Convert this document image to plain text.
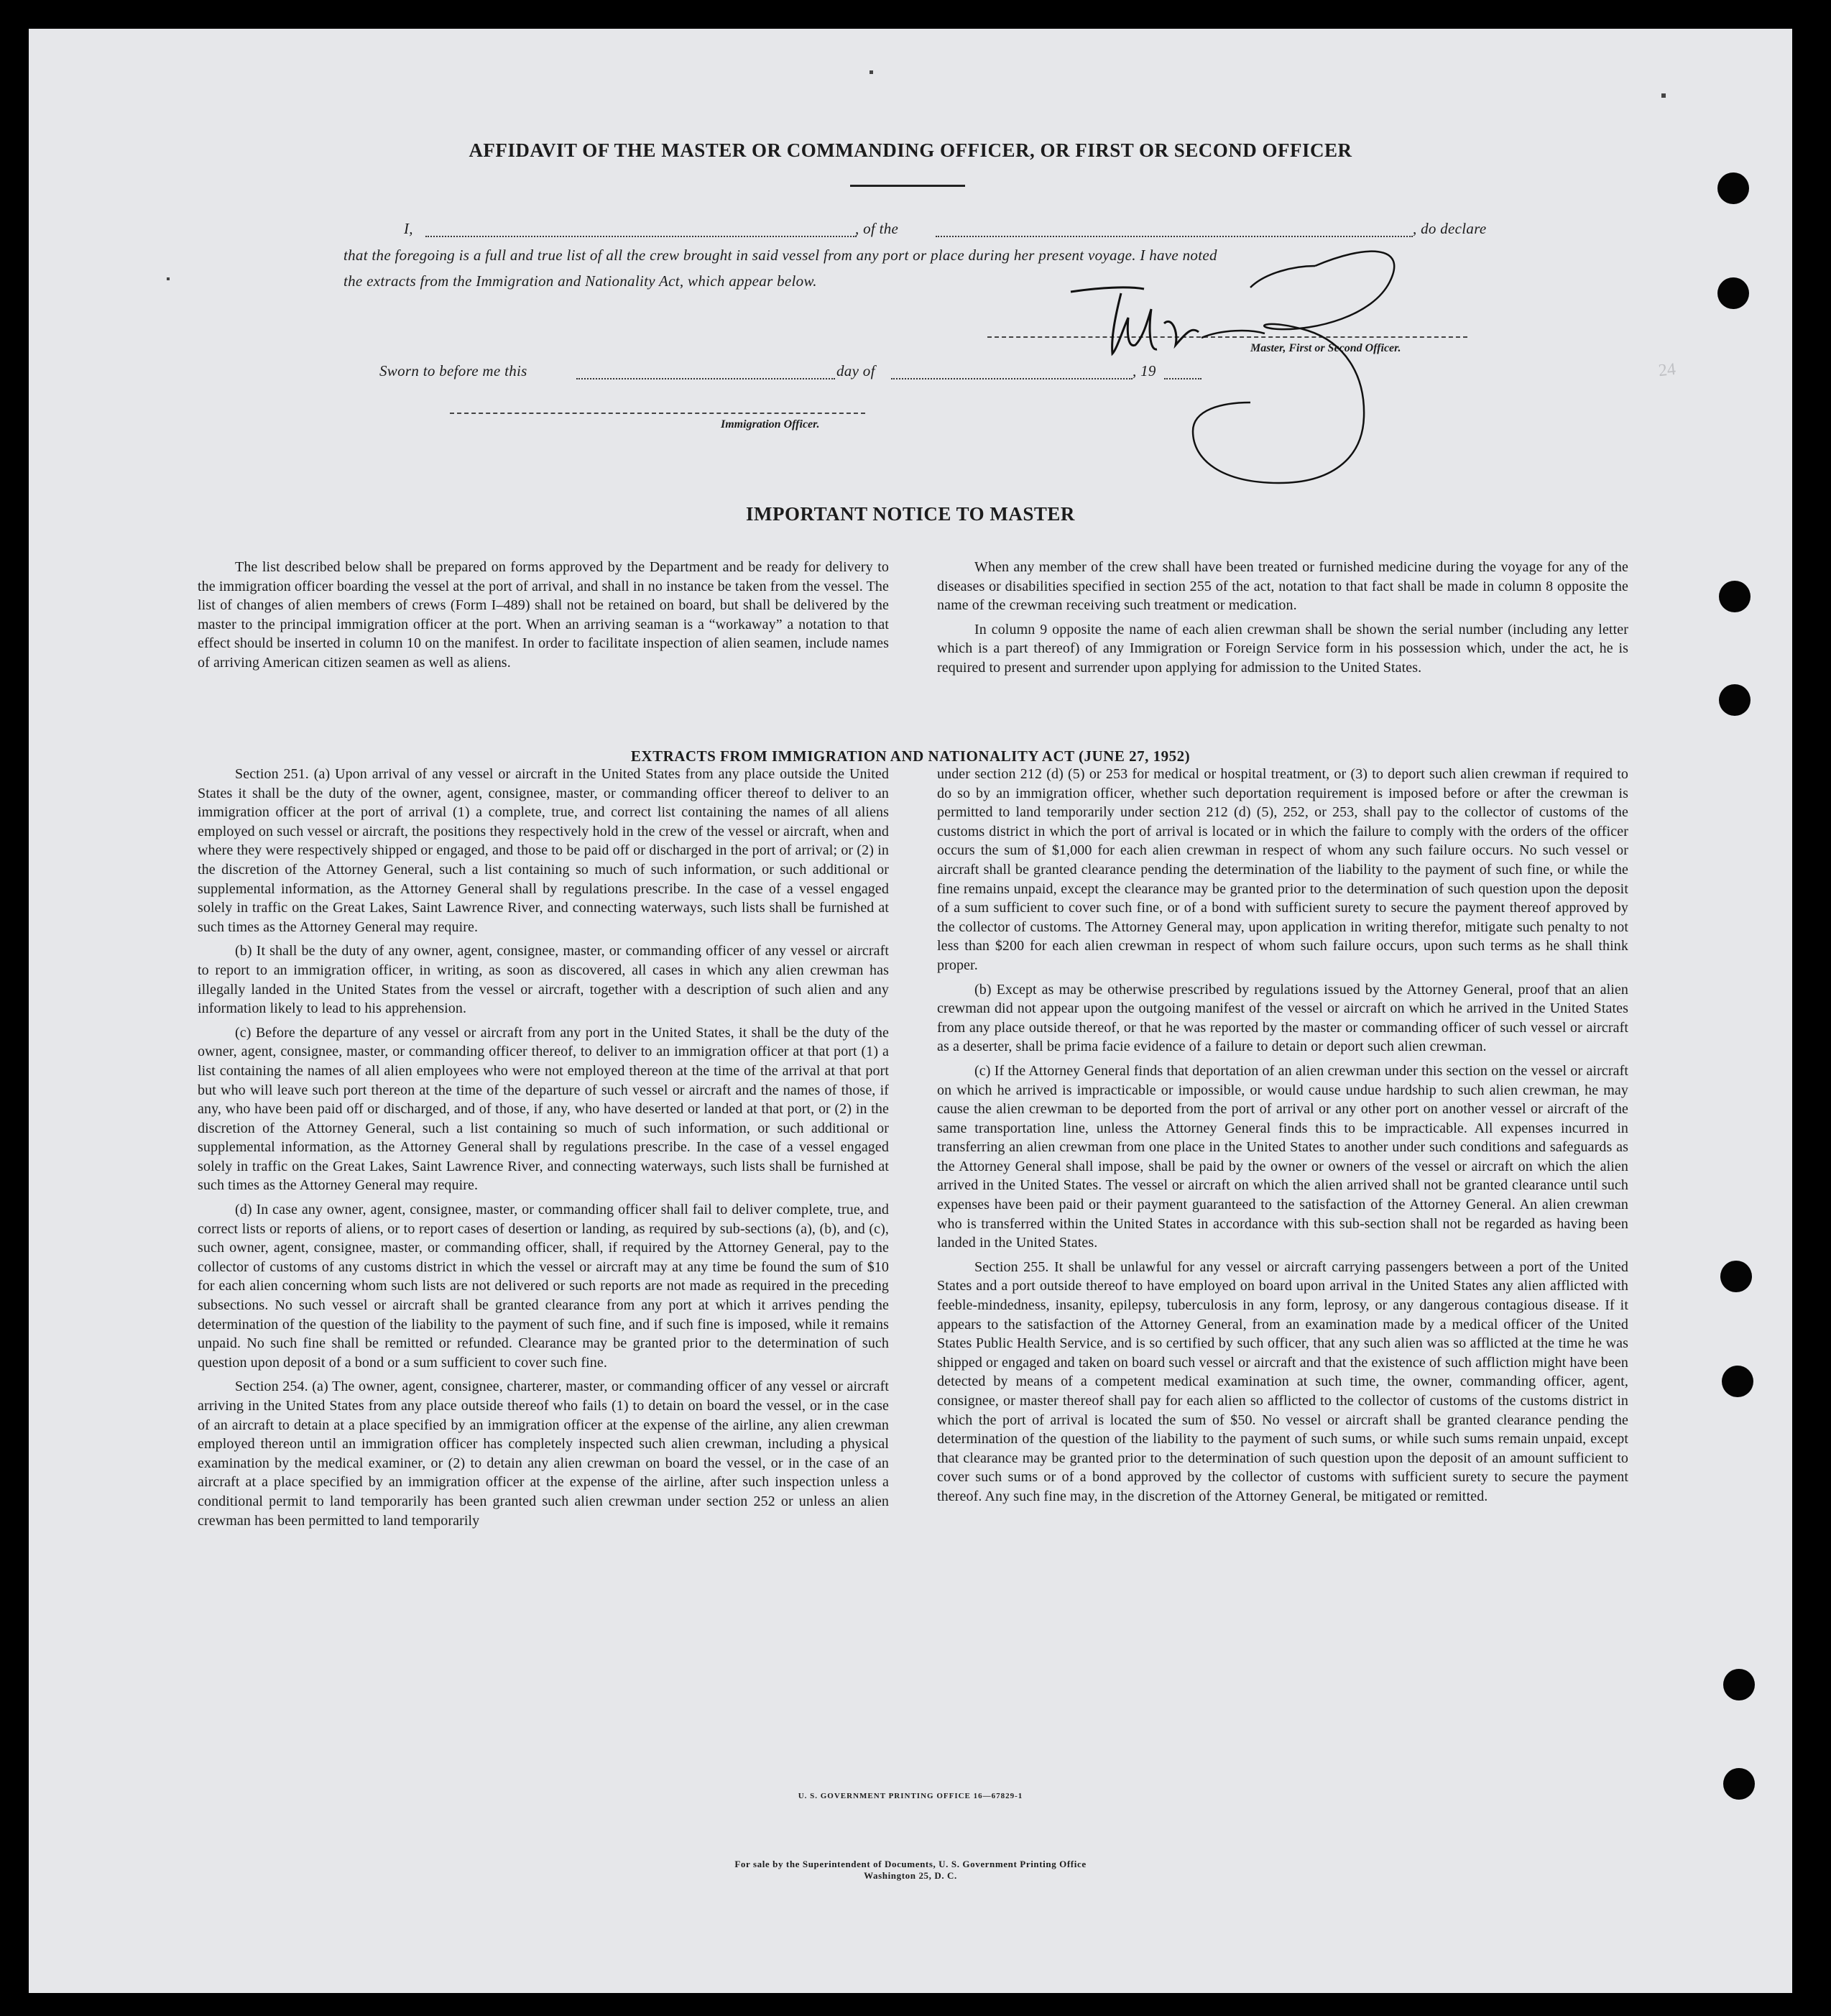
AFFIDAVIT OF THE MASTER OR COMMANDING OFFICER, OR FIRST OR SECOND OFFICER
I,	, of the	, do declare
that the foregoing is a full and true list of all the crew brought in said vessel from any port or place during her present voyage. I have noted
the extracts from the Immigration and Nationality Act, which appear below.
Master, First or Second Officer.
Sworn to before me this	day of	, 19
Immigration Officer.
24
IMPORTANT NOTICE TO MASTER

The list described below shall be prepared on forms approved by the Department and be ready for delivery to the immigration officer boarding the vessel at the port of arrival, and shall in no instance be taken from the vessel. The list of changes of alien members of crews (Form I–489) shall not be retained on board, but shall be delivered by the master to the principal immigration officer at the port. When an arriving seaman is a “workaway” a notation to that effect should be inserted in column 10 on the manifest. In order to facilitate inspection of alien seamen, include names of arriving American citizen seamen as well as aliens.

When any member of the crew shall have been treated or furnished medicine during the voyage for any of the diseases or disabilities specified in section 255 of the act, notation to that fact shall be made in column 8 opposite the name of the crewman receiving such treatment or medication.

In column 9 opposite the name of each alien crewman shall be shown the serial number (including any letter which is a part thereof) of any Immigration or Foreign Service form in his possession which, under the act, he is required to present and surrender upon applying for admission to the United States.

EXTRACTS FROM IMMIGRATION AND NATIONALITY ACT (JUNE 27, 1952)

Section 251. (a) Upon arrival of any vessel or aircraft in the United States from any place outside the United States it shall be the duty of the owner, agent, consignee, master, or commanding officer thereof to deliver to an immigration officer at the port of arrival (1) a complete, true, and correct list containing the names of all aliens employed on such vessel or aircraft, the positions they respectively hold in the crew of the vessel or aircraft, when and where they were respectively shipped or engaged, and those to be paid off or discharged in the port of arrival; or (2) in the discretion of the Attorney General, such a list containing so much of such information, or such additional or supplemental information, as the Attorney General shall by regulations prescribe. In the case of a vessel engaged solely in traffic on the Great Lakes, Saint Lawrence River, and connecting waterways, such lists shall be furnished at such times as the Attorney General may require.

(b) It shall be the duty of any owner, agent, consignee, master, or commanding officer of any vessel or aircraft to report to an immigration officer, in writing, as soon as discovered, all cases in which any alien crewman has illegally landed in the United States from the vessel or aircraft, together with a description of such alien and any information likely to lead to his apprehension.

(c) Before the departure of any vessel or aircraft from any port in the United States, it shall be the duty of the owner, agent, consignee, master, or commanding officer thereof, to deliver to an immigration officer at that port (1) a list containing the names of all alien employees who were not employed thereon at the time of the arrival at that port but who will leave such port thereon at the time of the departure of such vessel or aircraft and the names of those, if any, who have been paid off or discharged, and of those, if any, who have deserted or landed at that port, or (2) in the discretion of the Attorney General, such a list containing so much of such information, or such additional or supplemental information, as the Attorney General shall by regulations prescribe. In the case of a vessel engaged solely in traffic on the Great Lakes, Saint Lawrence River, and connecting waterways, such lists shall be furnished at such times as the Attorney General may require.

(d) In case any owner, agent, consignee, master, or commanding officer shall fail to deliver complete, true, and correct lists or reports of aliens, or to report cases of desertion or landing, as required by sub-sections (a), (b), and (c), such owner, agent, consignee, master, or commanding officer, shall, if required by the Attorney General, pay to the collector of customs of any customs district in which the vessel or aircraft may at any time be found the sum of $10 for each alien concerning whom such lists are not delivered or such reports are not made as required in the preceding subsections. No such vessel or aircraft shall be granted clearance from any port at which it arrives pending the determination of the question of the liability to the payment of such fine, and if such fine is imposed, while it remains unpaid. No such fine shall be remitted or refunded. Clearance may be granted prior to the determination of such question upon deposit of a bond or a sum sufficient to cover such fine.

Section 254. (a) The owner, agent, consignee, charterer, master, or commanding officer of any vessel or aircraft arriving in the United States from any place outside thereof who fails (1) to detain on board the vessel, or in the case of an aircraft to detain at a place specified by an immigration officer at the expense of the airline, any alien crewman employed thereon until an immigration officer has completely inspected such alien crewman, including a physical examination by the medical examiner, or (2) to detain any alien crewman on board the vessel, or in the case of an aircraft at a place specified by an immigration officer at the expense of the airline, after such inspection unless a conditional permit to land temporarily has been granted such alien crewman under section 252 or unless an alien crewman has been permitted to land temporarily

under section 212 (d) (5) or 253 for medical or hospital treatment, or (3) to deport such alien crewman if required to do so by an immigration officer, whether such deportation requirement is imposed before or after the crewman is permitted to land temporarily under section 212 (d) (5), 252, or 253, shall pay to the collector of customs of the customs district in which the port of arrival is located or in which the failure to comply with the orders of the officer occurs the sum of $1,000 for each alien crewman in respect of whom any such failure occurs. No such vessel or aircraft shall be granted clearance pending the determination of the liability to the payment of such fine, or while the fine remains unpaid, except the clearance may be granted prior to the determination of such question upon the deposit of a sum sufficient to cover such fine, or of a bond with sufficient surety to secure the payment thereof approved by the collector of customs. The Attorney General may, upon application in writing therefor, mitigate such penalty to not less than $200 for each alien crewman in respect of whom such failure occurs, upon such terms as he shall think proper.

(b) Except as may be otherwise prescribed by regulations issued by the Attorney General, proof that an alien crewman did not appear upon the outgoing manifest of the vessel or aircraft on which he arrived in the United States from any place outside thereof, or that he was reported by the master or commanding officer of such vessel or aircraft as a deserter, shall be prima facie evidence of a failure to detain or deport such alien crewman.

(c) If the Attorney General finds that deportation of an alien crewman under this section on the vessel or aircraft on which he arrived is impracticable or impossible, or would cause undue hardship to such alien crewman, he may cause the alien crewman to be deported from the port of arrival or any other port on another vessel or aircraft of the same transportation line, unless the Attorney General finds this to be impracticable. All expenses incurred in transferring an alien crewman from one place in the United States to another under such conditions and safeguards as the Attorney General shall impose, shall be paid by the owner or owners of the vessel or aircraft on which the alien arrived in the United States. The vessel or aircraft on which the alien arrived shall not be granted clearance until such expenses have been paid or their payment guaranteed to the satisfaction of the Attorney General. An alien crewman who is transferred within the United States in accordance with this sub-section shall not be regarded as having been landed in the United States.

Section 255. It shall be unlawful for any vessel or aircraft carrying passengers between a port of the United States and a port outside thereof to have employed on board upon arrival in the United States any alien afflicted with feeble-mindedness, insanity, epilepsy, tuberculosis in any form, leprosy, or any dangerous contagious disease. If it appears to the satisfaction of the Attorney General, from an examination made by a medical officer of the United States Public Health Service, and is so certified by such officer, that any such alien was so afflicted at the time he was shipped or engaged and taken on board such vessel or aircraft and that the existence of such affliction might have been detected by means of a competent medical examination at such time, the owner, commanding officer, agent, consignee, or master thereof shall pay for each alien so afflicted to the collector of customs of the customs district in which the port of arrival is located the sum of $50. No vessel or aircraft shall be granted clearance pending the determination of the question of the liability to the payment of such sums, or while such sums remain unpaid, except that clearance may be granted prior to the determination of such question upon the deposit of an amount sufficient to cover such sums or of a bond approved by the collector of customs with sufficient surety to secure the payment thereof. Any such fine may, in the discretion of the Attorney General, be mitigated or remitted.

U. S. GOVERNMENT PRINTING OFFICE 16—67829-1
For sale by the Superintendent of Documents, U. S. Government Printing Office
Washington 25, D. C.
